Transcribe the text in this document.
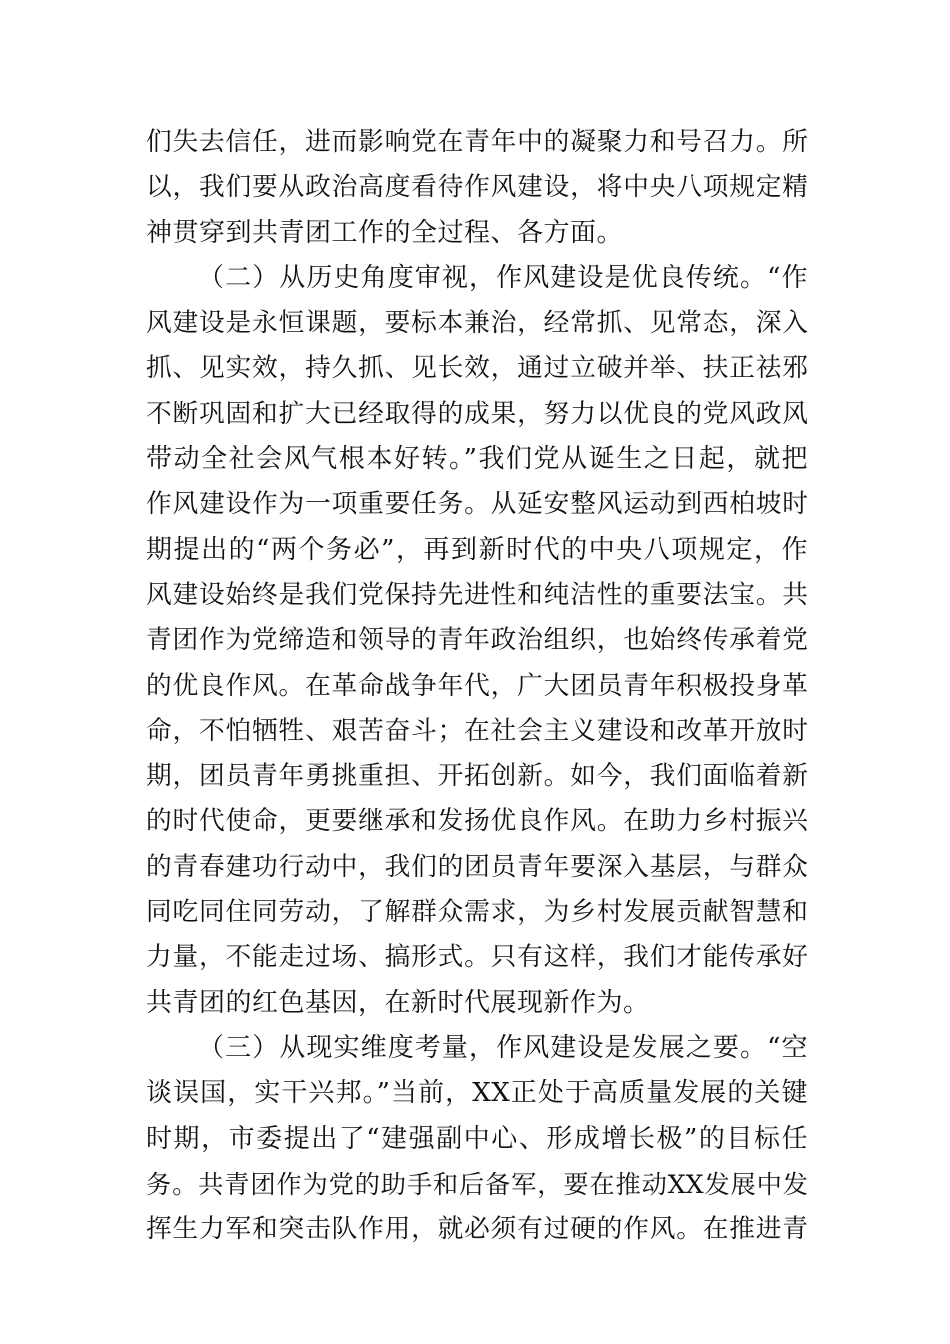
们失去信任，进而影响党在青年中的凝聚力和号召力。所
以，我们要从政治高度看待作风建设，将中央八项规定精
神贯穿到共青团工作的全过程、各方面。
（二）从历史角度审视，作风建设是优良传统。“作
风建设是永恒课题，要标本兼治，经常抓、见常态，深入
抓、见实效，持久抓、见长效，通过立破并举、扶正祛邪
不断巩固和扩大已经取得的成果，努力以优良的党风政风
带动全社会风气根本好转。”我们党从诞生之日起，就把
作风建设作为一项重要任务。从延安整风运动到西柏坡时
期提出的“两个务必”，再到新时代的中央八项规定，作
风建设始终是我们党保持先进性和纯洁性的重要法宝。共
青团作为党缔造和领导的青年政治组织，也始终传承着党
的优良作风。在革命战争年代，广大团员青年积极投身革
命，不怕牺牲、艰苦奋斗；在社会主义建设和改革开放时
期，团员青年勇挑重担、开拓创新。如今，我们面临着新
的时代使命，更要继承和发扬优良作风。在助力乡村振兴
的青春建功行动中，我们的团员青年要深入基层，与群众
同吃同住同劳动，了解群众需求，为乡村发展贡献智慧和
力量，不能走过场、搞形式。只有这样，我们才能传承好
共青团的红色基因，在新时代展现新作为。
（三）从现实维度考量，作风建设是发展之要。“空
谈误国，实干兴邦。”当前，XX正处于高质量发展的关键
时期，市委提出了“建强副中心、形成增长极”的目标任
务。共青团作为党的助手和后备军，要在推动XX发展中发
挥生力军和突击队作用，就必须有过硬的作风。在推进青
